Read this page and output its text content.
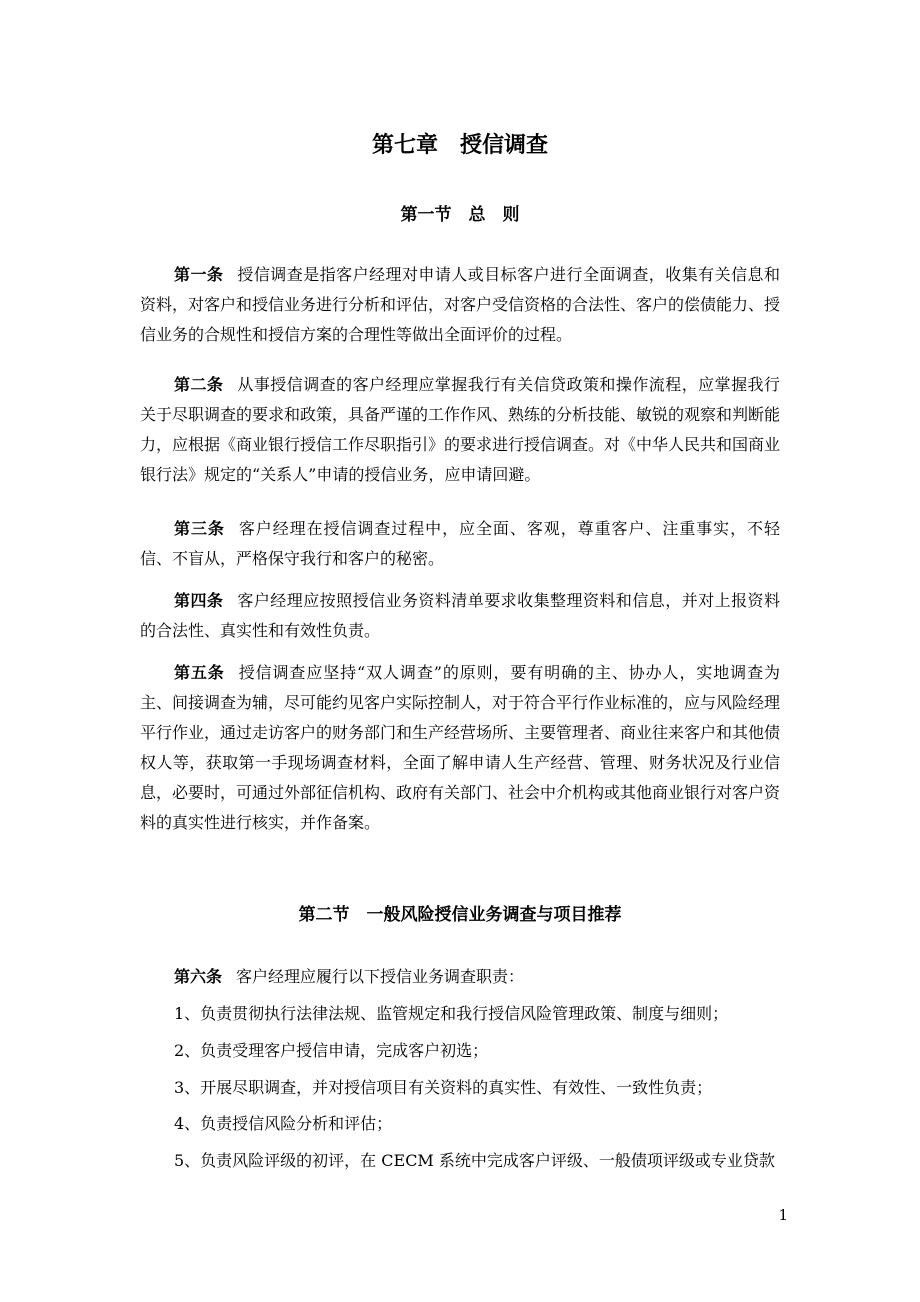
第七章　授信调查
第一节　总　则

第一条 授信调查是指客户经理对申请人或目标客户进行全面调查，收集有关信息和资料，对客户和授信业务进行分析和评估，对客户受信资格的合法性、客户的偿债能力、授信业务的合规性和授信方案的合理性等做出全面评价的过程。

第二条 从事授信调查的客户经理应掌握我行有关信贷政策和操作流程，应掌握我行关于尽职调查的要求和政策，具备严谨的工作作风、熟练的分析技能、敏锐的观察和判断能力，应根据《商业银行授信工作尽职指引》的要求进行授信调查。对《中华人民共和国商业银行法》规定的“关系人”申请的授信业务，应申请回避。

第三条 客户经理在授信调查过程中，应全面、客观，尊重客户、注重事实，不轻信、不盲从，严格保守我行和客户的秘密。

第四条 客户经理应按照授信业务资料清单要求收集整理资料和信息，并对上报资料的合法性、真实性和有效性负责。

第五条 授信调查应坚持“双人调查”的原则，要有明确的主、协办人，实地调查为主、间接调查为辅，尽可能约见客户实际控制人，对于符合平行作业标准的，应与风险经理平行作业，通过走访客户的财务部门和生产经营场所、主要管理者、商业往来客户和其他债权人等，获取第一手现场调查材料，全面了解申请人生产经营、管理、财务状况及行业信息，必要时，可通过外部征信机构、政府有关部门、社会中介机构或其他商业银行对客户资料的真实性进行核实，并作备案。

第二节　一般风险授信业务调查与项目推荐

第六条 客户经理应履行以下授信业务调查职责：

1、负责贯彻执行法律法规、监管规定和我行授信风险管理政策、制度与细则；

2、负责受理客户授信申请，完成客户初选；

3、开展尽职调查，并对授信项目有关资料的真实性、有效性、一致性负责；

4、负责授信风险分析和评估；

5、负责风险评级的初评，在 CECM 系统中完成客户评级、一般债项评级或专业贷款

1
